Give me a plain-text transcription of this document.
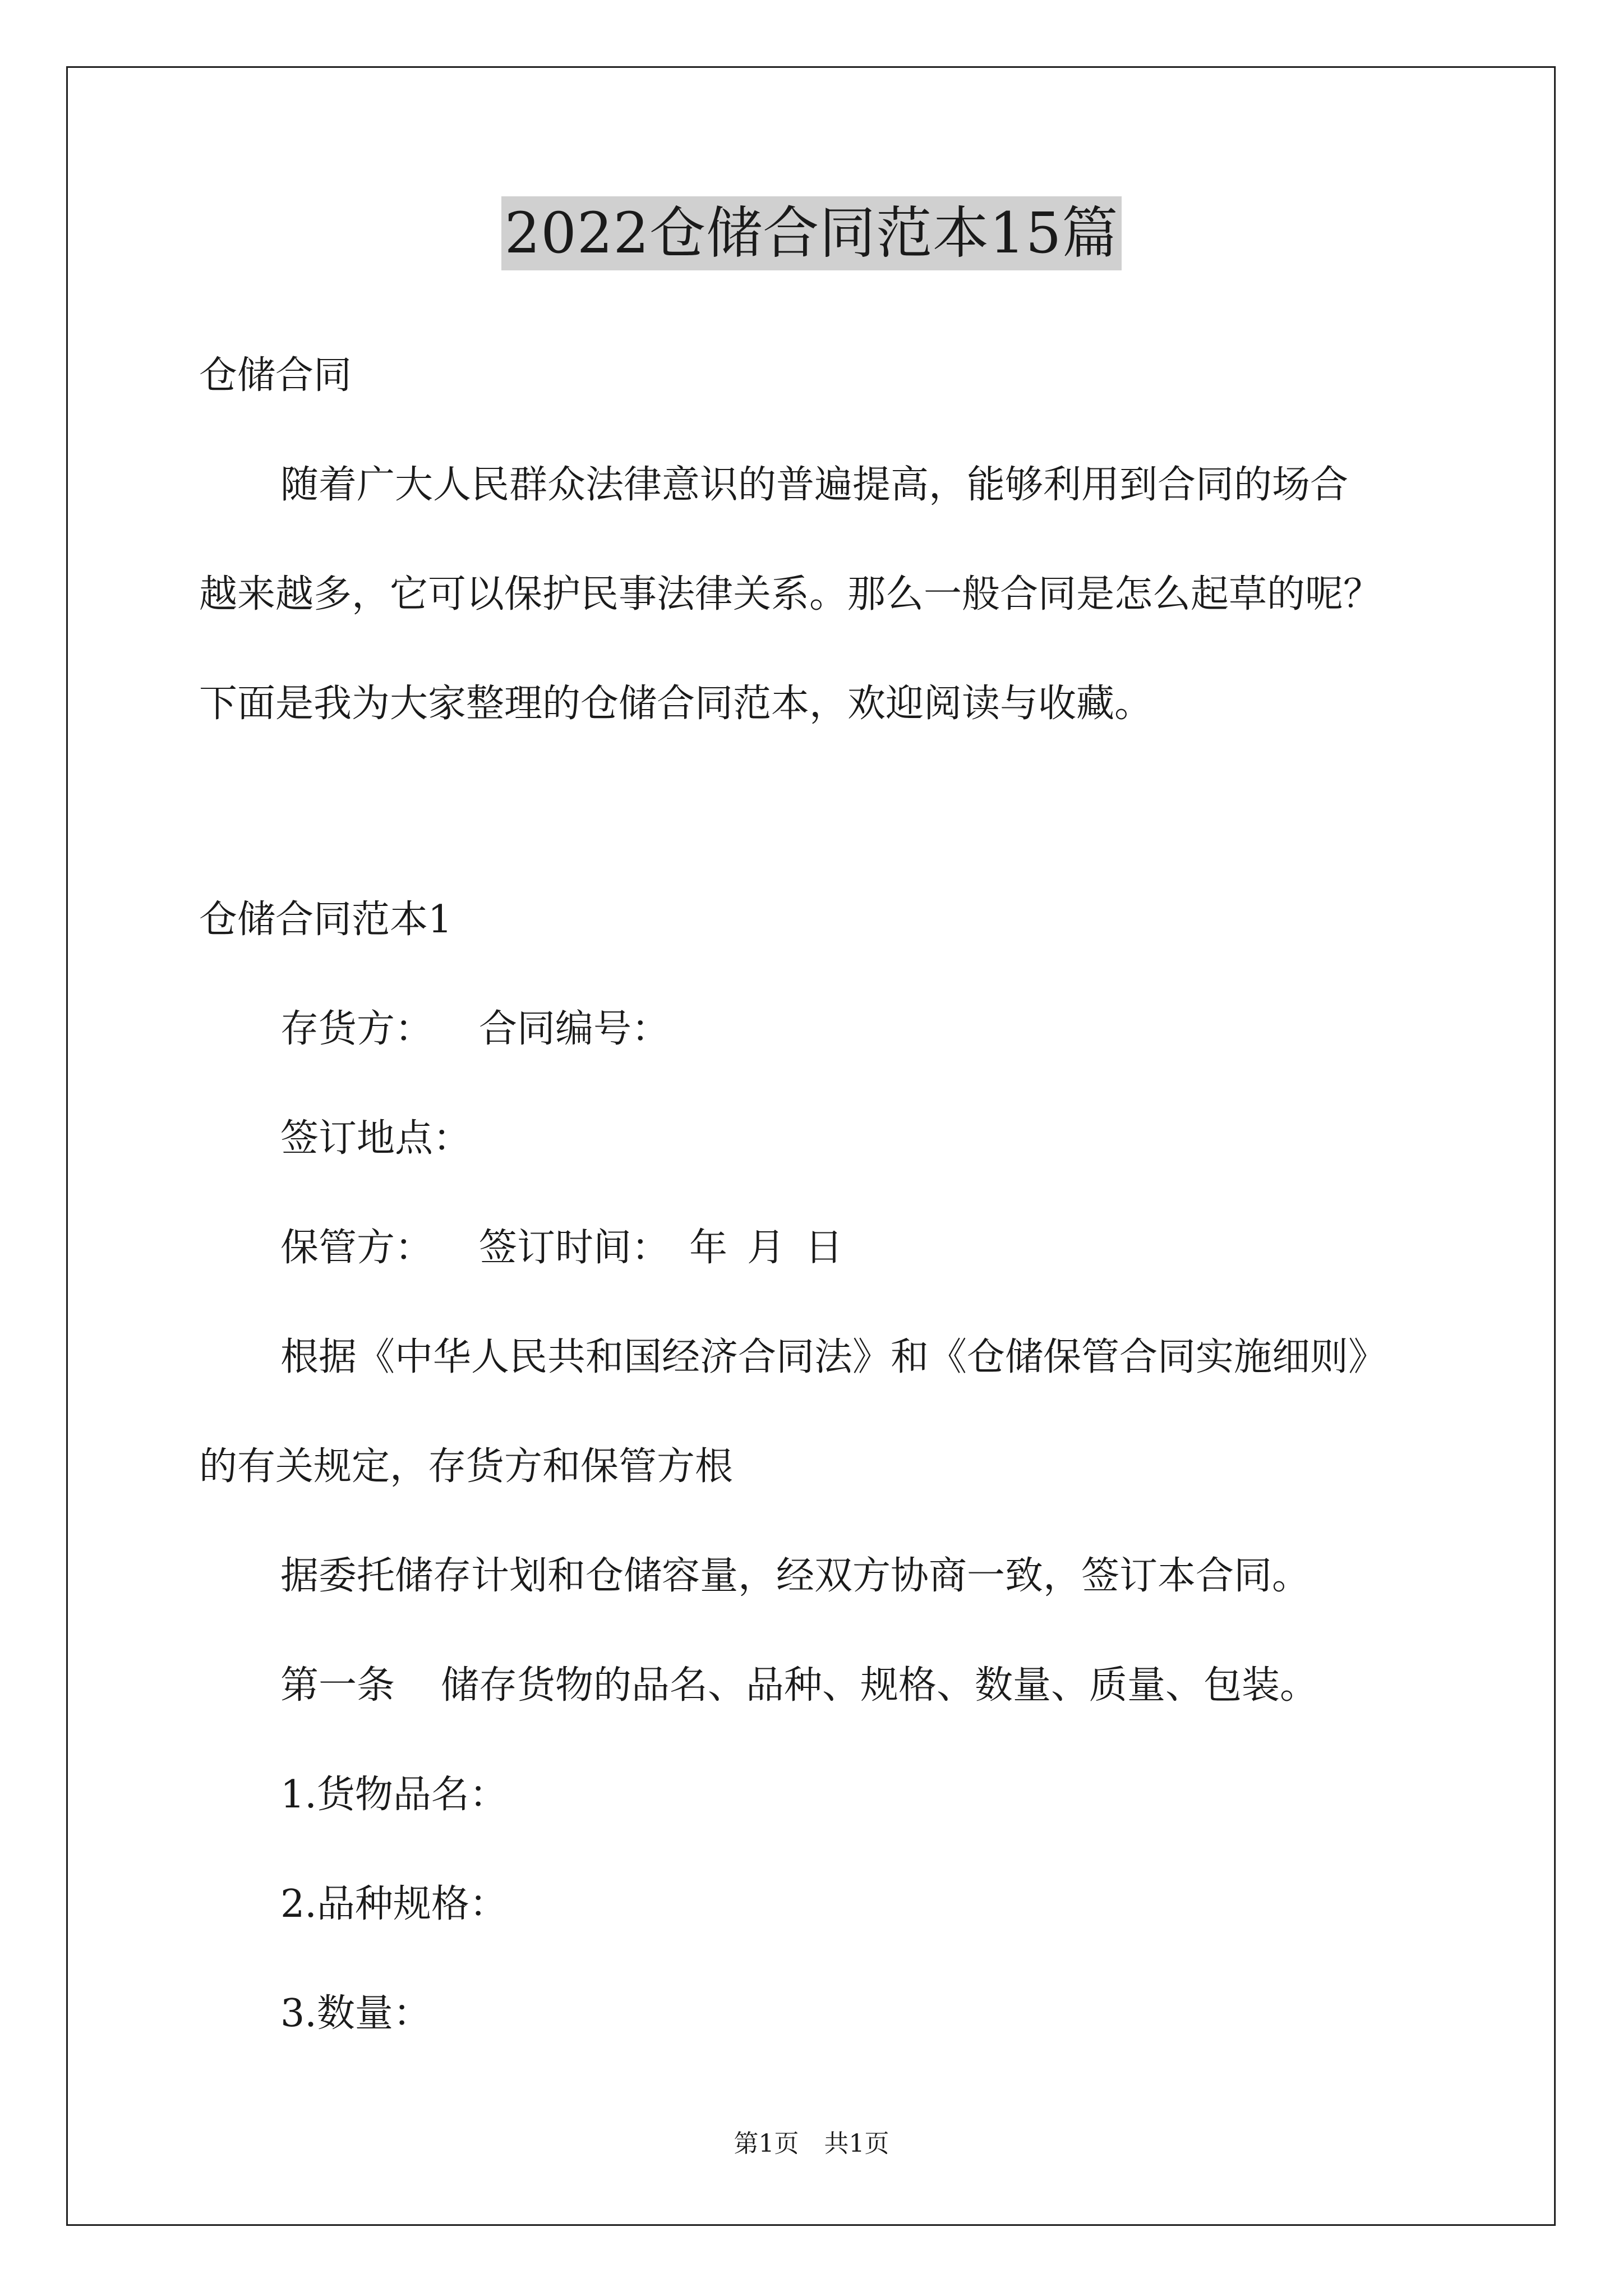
2022仓储合同范本15篇
仓储合同
随着广大人民群众法律意识的普遍提高，能够利用到合同的场合
越来越多，它可以保护民事法律关系。那么一般合同是怎么起草的呢？
下面是我为大家整理的仓储合同范本，欢迎阅读与收藏。
仓储合同范本1
存货方： 合同编号：
签订地点：
保管方： 签订时间： 年 月 日
根据《中华人民共和国经济合同法》和《仓储保管合同实施细则》
的有关规定，存货方和保管方根
据委托储存计划和仓储容量，经双方协商一致，签订本合同。
第一条 储存货物的品名、品种、规格、数量、质量、包装。
1.货物品名：
2.品种规格：
3.数量：
第1页 共1页
